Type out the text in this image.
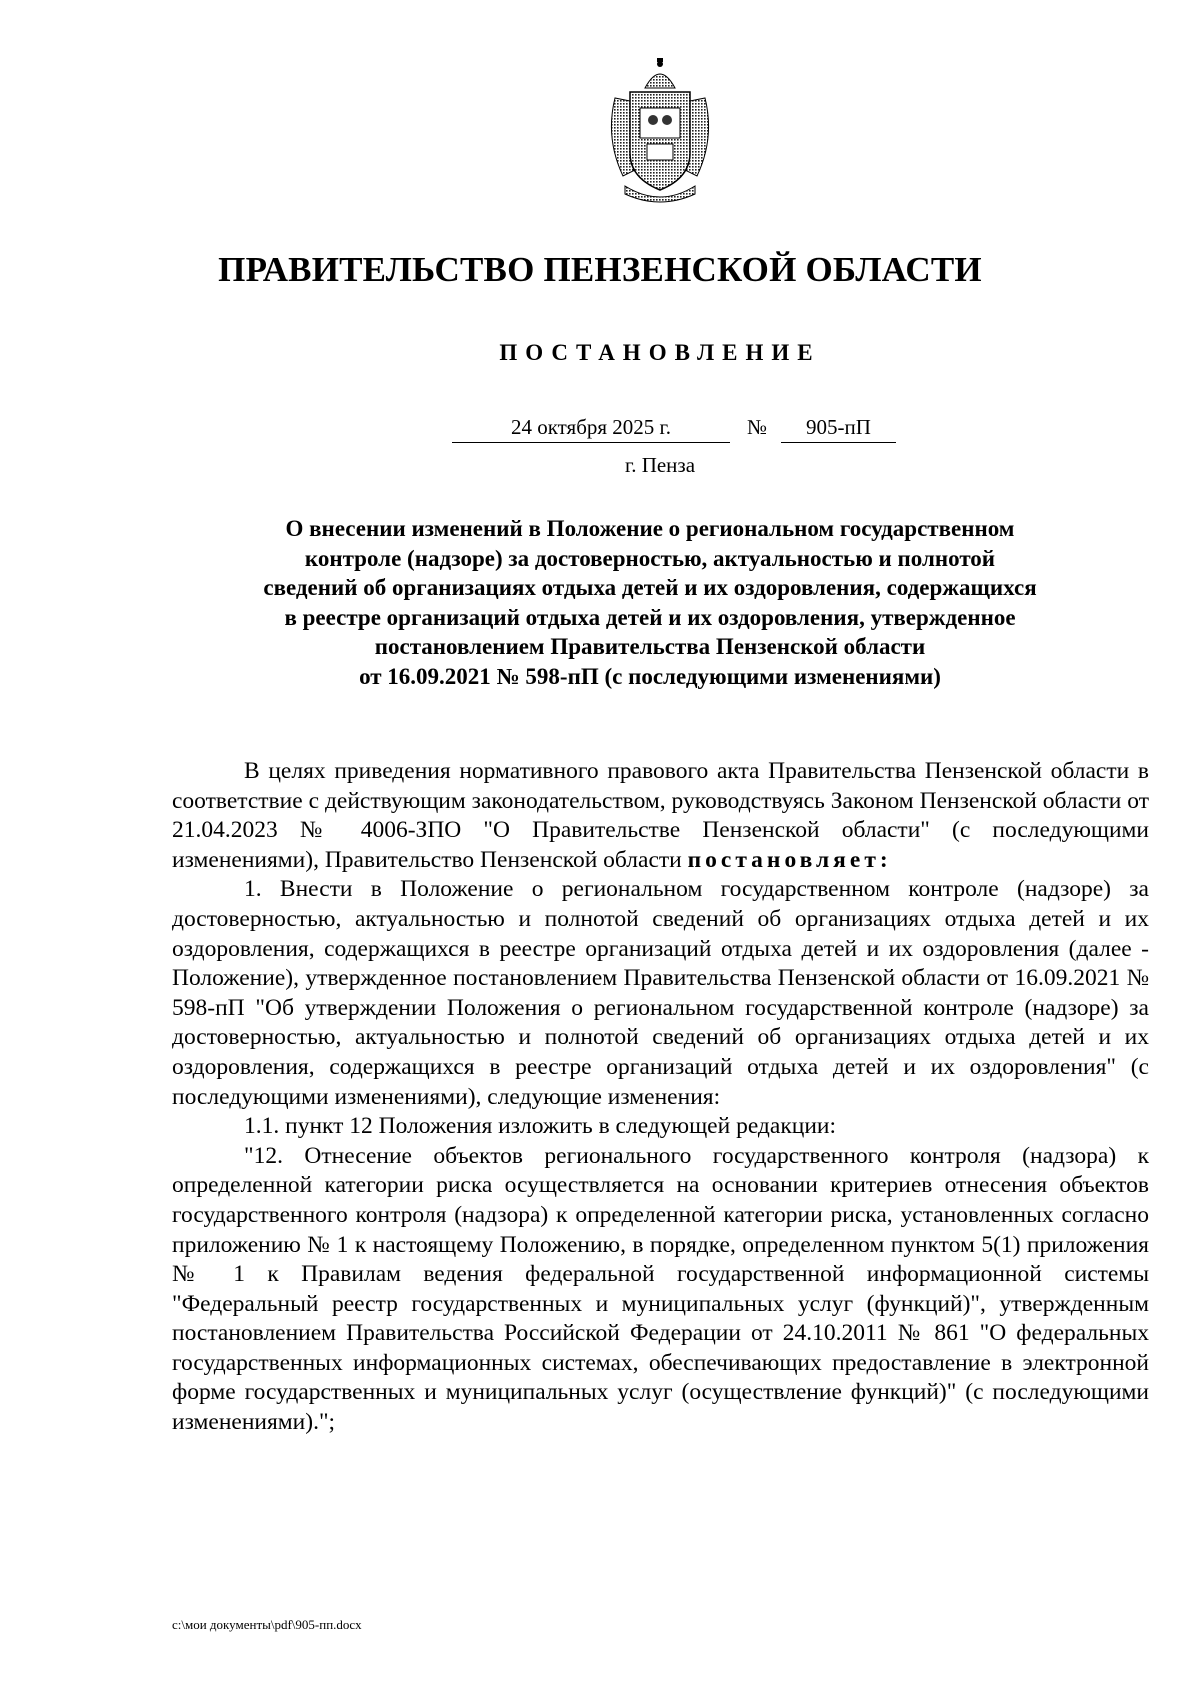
ПРАВИТЕЛЬСТВО ПЕНЗЕНСКОЙ ОБЛАСТИ
ПОСТАНОВЛЕНИЕ
24 октября 2025 г.	№	905-пП
г. Пенза
О внесении изменений в Положение о региональном государственном
контроле (надзоре) за достоверностью, актуальностью и полнотой
сведений об организациях отдыха детей и их оздоровления, содержащихся
в реестре организаций отдыха детей и их оздоровления, утвержденное
постановлением Правительства Пензенской области
от 16.09.2021 № 598-пП (с последующими изменениями)

В целях приведения нормативного правового акта Правительства Пензенской области в соответствие с действующим законодательством, руководствуясь Законом Пензенской области от 21.04.2023 № 4006-ЗПО "О Правительстве Пензенской области" (с последующими изменениями), Правительство Пензенской области постановляет:

1. Внести в Положение о региональном государственном контроле (надзоре) за достоверностью, актуальностью и полнотой сведений об организациях отдыха детей и их оздоровления, содержащихся в реестре организаций отдыха детей и их оздоровления (далее - Положение), утвержденное постановлением Правительства Пензенской области от 16.09.2021 № 598-пП "Об утверждении Положения о региональном государственной контроле (надзоре) за достоверностью, актуальностью и полнотой сведений об организациях отдыха детей и их оздоровления, содержащихся в реестре организаций отдыха детей и их оздоровления" (с последующими изменениями), следующие изменения:

1.1. пункт 12 Положения изложить в следующей редакции:

"12. Отнесение объектов регионального государственного контроля (надзора) к определенной категории риска осуществляется на основании критериев отнесения объектов государственного контроля (надзора) к определенной категории риска, установленных согласно приложению № 1 к настоящему Положению, в порядке, определенном пунктом 5(1) приложения № 1 к Правилам ведения федеральной государственной информационной системы "Федеральный реестр государственных и муниципальных услуг (функций)", утвержденным постановлением Правительства Российской Федерации от 24.10.2011 № 861 "О федеральных государственных информационных системах, обеспечивающих предоставление в электронной форме государственных и муниципальных услуг (осуществление функций)" (с последующими изменениями).";

c:\мои документы\pdf\905-пп.docx
